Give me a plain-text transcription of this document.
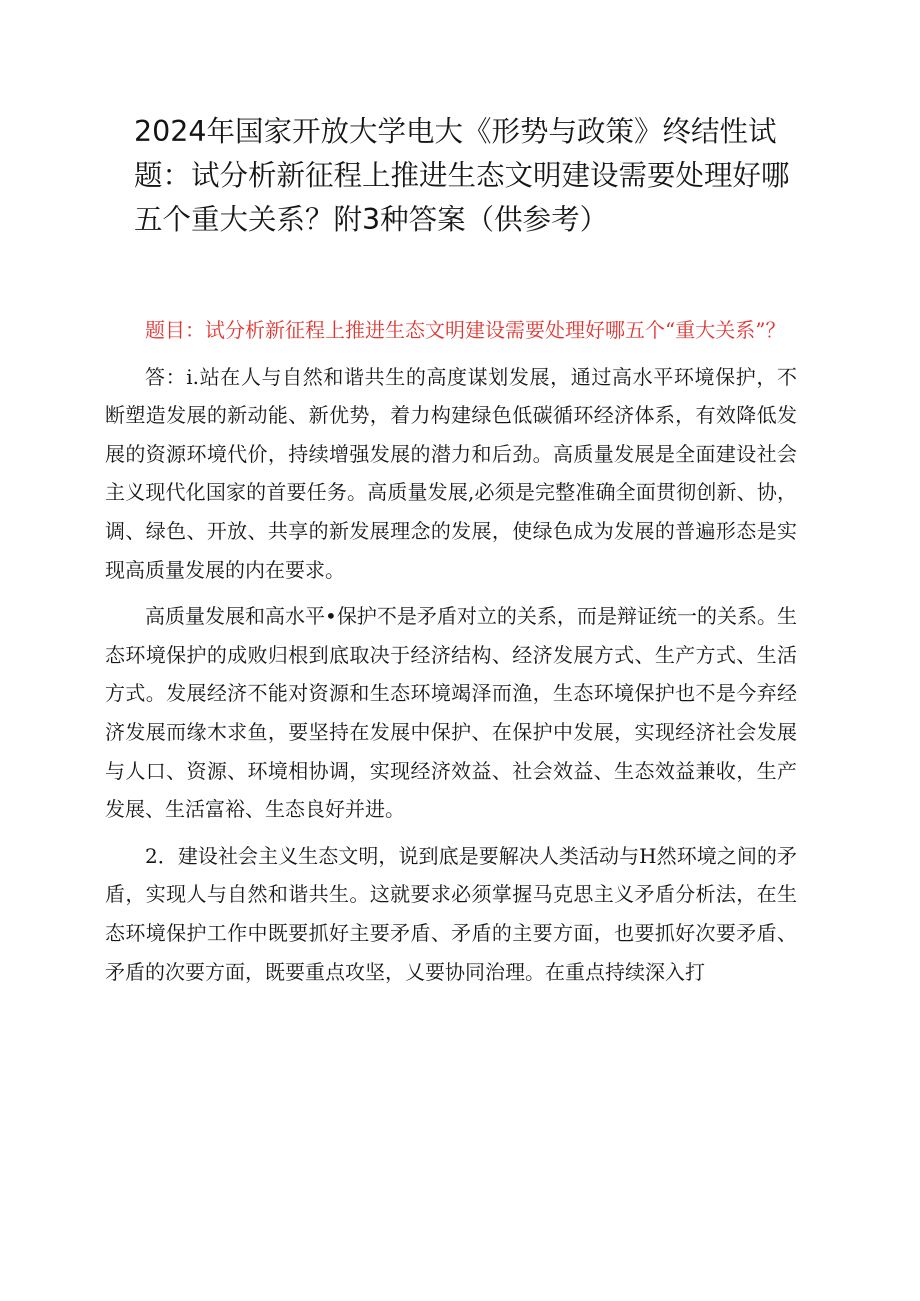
2024年国家开放大学电大《形势与政策》终结性试题：试分析新征程上推进生态文明建设需要处理好哪五个重大关系？附3种答案（供参考）

题目：试分析新征程上推进生态文明建设需要处理好哪五个“重大关系”？

答：i.站在人与自然和谐共生的高度谋划发展，通过高水平环境保护，不断塑造发展的新动能、新优势，着力构建绿色低碳循环经济体系，有效降低发展的资源环境代价，持续增强发展的潜力和后劲。高质量发展是全面建设社会主义现代化国家的首要任务。高质量发展,必须是完整准确全面贯彻创新、协，调、绿色、开放、共享的新发展理念的发展，使绿色成为发展的普遍形态是实现高质量发展的内在要求。

高质量发展和高水平•保护不是矛盾对立的关系，而是辩证统一的关系。生态环境保护的成败归根到底取决于经济结构、经济发展方式、生产方式、生活方式。发展经济不能对资源和生态环境竭泽而渔，生态环境保护也不是今弃经济发展而缘木求鱼，要坚持在发展中保护、在保护中发展，实现经济社会发展与人口、资源、环境相协调，实现经济效益、社会效益、生态效益兼收，生产发展、生活富裕、生态良好并进。

2．建设社会主义生态文明，说到底是要解决人类活动与H然环境之间的矛盾，实现人与自然和谐共生。这就要求必须掌握马克思主义矛盾分析法，在生态环境保护工作中既要抓好主要矛盾、矛盾的主要方面，也要抓好次要矛盾、矛盾的次要方面，既要重点攻坚，乂要协同治理。在重点持续深入打
